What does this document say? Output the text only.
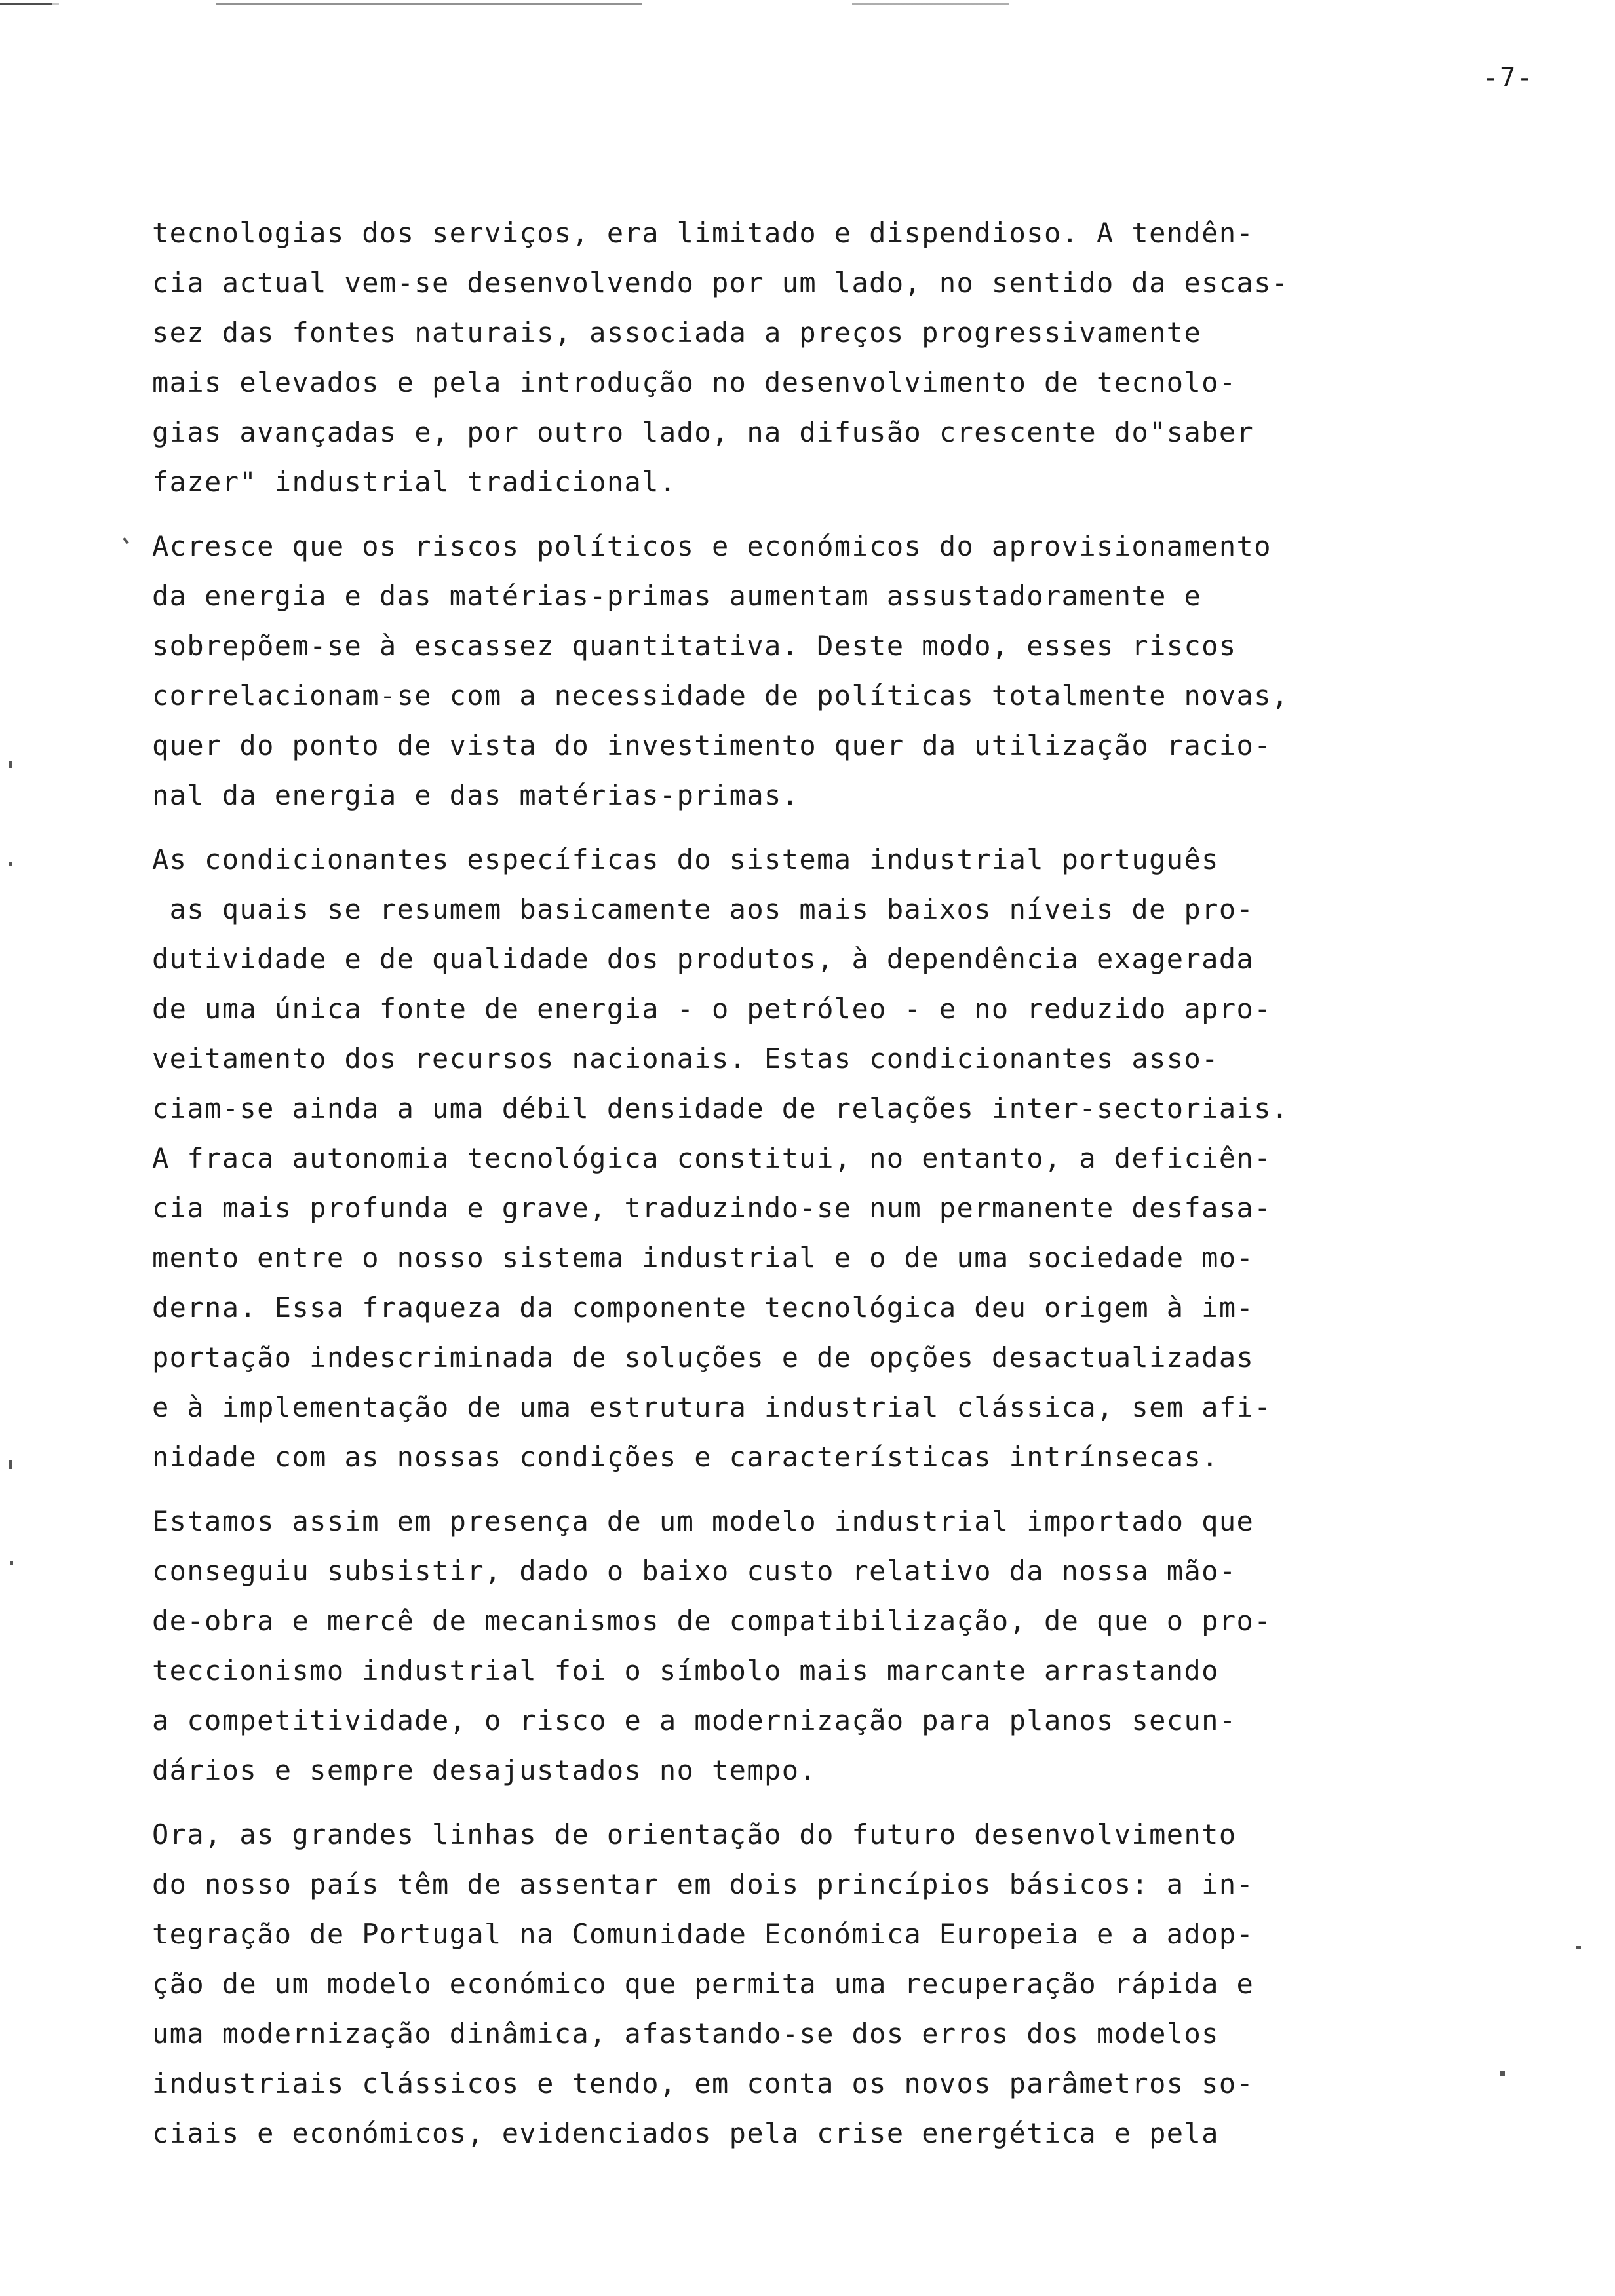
-7-
tecnologias dos serviços, era limitado e dispendioso. A tendên-
cia actual vem-se desenvolvendo por um lado, no sentido da escas-
sez das fontes naturais, associada a preços progressivamente
mais elevados e pela introdução no desenvolvimento de tecnolo-
gias avançadas e, por outro lado, na difusão crescente do"saber
fazer" industrial tradicional.
Acresce que os riscos políticos e económicos do aprovisionamento
da energia e das matérias-primas aumentam assustadoramente e
sobrepõem-se à escassez quantitativa. Deste modo, esses riscos
correlacionam-se com a necessidade de políticas totalmente novas,
quer do ponto de vista do investimento quer da utilização racio-
nal da energia e das matérias-primas.
As condicionantes específicas do sistema industrial português
as quais se resumem basicamente aos mais baixos níveis de pro-
dutividade e de qualidade dos produtos, à dependência exagerada
de uma única fonte de energia - o petróleo - e no reduzido apro-
veitamento dos recursos nacionais. Estas condicionantes asso-
ciam-se ainda a uma débil densidade de relações inter-sectoriais.
A fraca autonomia tecnológica constitui, no entanto, a deficiên-
cia mais profunda e grave, traduzindo-se num permanente desfasa-
mento entre o nosso sistema industrial e o de uma sociedade mo-
derna. Essa fraqueza da componente tecnológica deu origem à im-
portação indescriminada de soluções e de opções desactualizadas
e à implementação de uma estrutura industrial clássica, sem afi-
nidade com as nossas condições e características intrínsecas.
Estamos assim em presença de um modelo industrial importado que
conseguiu subsistir, dado o baixo custo relativo da nossa mão-
de-obra e mercê de mecanismos de compatibilização, de que o pro-
teccionismo industrial foi o símbolo mais marcante arrastando
a competitividade, o risco e a modernização para planos secun-
dários e sempre desajustados no tempo.
Ora, as grandes linhas de orientação do futuro desenvolvimento
do nosso país têm de assentar em dois princípios básicos: a in-
tegração de Portugal na Comunidade Económica Europeia e a adop-
ção de um modelo económico que permita uma recuperação rápida e
uma modernização dinâmica, afastando-se dos erros dos modelos
industriais clássicos e tendo, em conta os novos parâmetros so-
ciais e económicos, evidenciados pela crise energética e pela
